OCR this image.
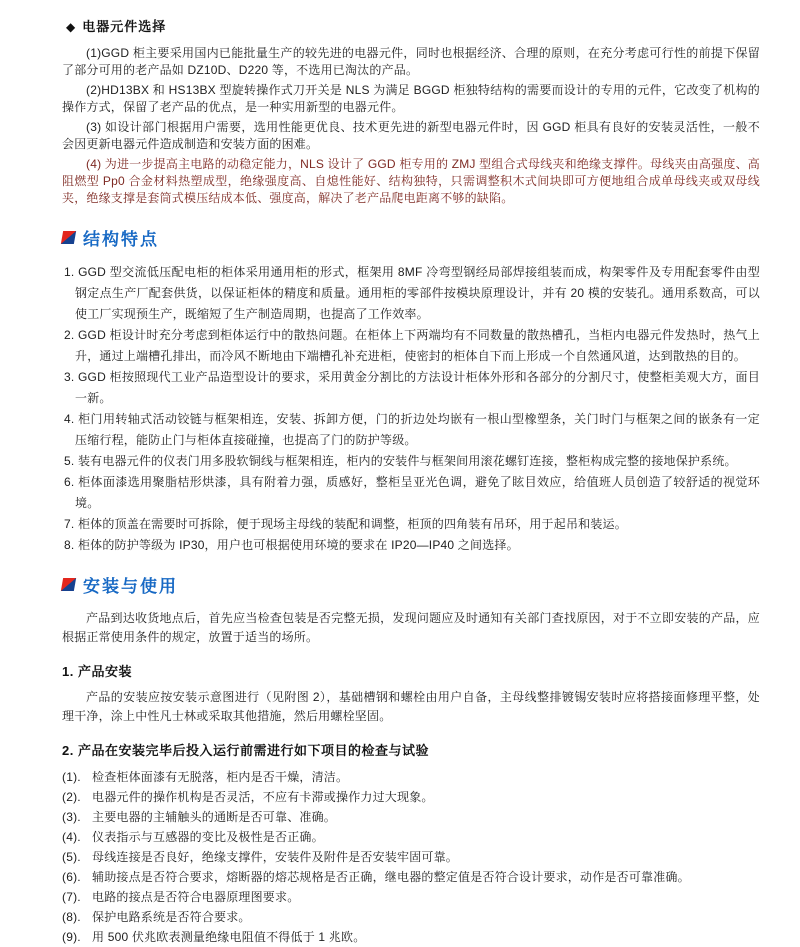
◆ 电器元件选择

(1)GGD 柜主要采用国内已能批量生产的较先进的电器元件，同时也根据经济、合理的原则，在充分考虑可行性的前提下保留了部分可用的老产品如 DZ10D、D220 等，不选用已淘汰的产品。

(2)HD13BX 和 HS13BX 型旋转操作式刀开关是 NLS 为满足 BGGD 柜独特结构的需要而设计的专用的元件，它改变了机构的操作方式，保留了老产品的优点，是一种实用新型的电器元件。

(3) 如设计部门根据用户需要，选用性能更优良、技术更先进的新型电器元件时，因 GGD 柜具有良好的安装灵活性，一般不会因更新电器元件造成制造和安装方面的困难。

(4) 为进一步提高主电路的动稳定能力，NLS 设计了 GGD 柜专用的 ZMJ 型组合式母线夹和绝缘支撑件。母线夹由高强度、高阻燃型 Pp0 合金材料热塑成型，绝缘强度高、自熄性能好、结构独特，只需调整积木式间块即可方便地组合成单母线夹或双母线夹，绝缘支撑是套筒式模压结成本低、强度高，解决了老产品爬电距离不够的缺陷。

结构特点
1. GGD 型交流低压配电柜的柜体采用通用柜的形式，框架用 8MF 冷弯型钢经局部焊接组装而成，构架零件及专用配套零件由型钢定点生产厂配套供货，以保证柜体的精度和质量。通用柜的零部件按模块原理设计，并有 20 模的安装孔。通用系数高，可以使工厂实现预生产，既缩短了生产制造周期，也提高了工作效率。
2. GGD 柜设计时充分考虑到柜体运行中的散热问题。在柜体上下两端均有不同数量的散热槽孔，当柜内电器元件发热时，热气上升，通过上端槽孔排出，而冷风不断地由下端槽孔补充进柜，使密封的柜体自下而上形成一个自然通风道，达到散热的目的。
3. GGD 柜按照现代工业产品造型设计的要求，采用黄金分割比的方法设计柜体外形和各部分的分割尺寸，使整柜美观大方，面目一新。
4. 柜门用转轴式活动铰链与框架相连，安装、拆卸方便，门的折边处均嵌有一根山型橡塑条，关门时门与框架之间的嵌条有一定压缩行程，能防止门与柜体直接碰撞，也提高了门的防护等级。
5. 装有电器元件的仪表门用多股软铜线与框架相连，柜内的安装件与框架间用滚花螺钉连接，整柜构成完整的接地保护系统。
6. 柜体面漆选用聚脂桔形烘漆，具有附着力强，质感好，整柜呈亚光色调，避免了眩目效应，给值班人员创造了较舒适的视觉环境。
7. 柜体的顶盖在需要时可拆除，便于现场主母线的装配和调整，柜顶的四角装有吊环，用于起吊和装运。
8. 柜体的防护等级为 IP30，用户也可根据使用环境的要求在 IP20—IP40 之间选择。
安装与使用

产品到达收货地点后，首先应当检查包装是否完整无损，发现问题应及时通知有关部门查找原因，对于不立即安装的产品，应根据正常使用条件的规定，放置于适当的场所。

1. 产品安装

产品的安装应按安装示意图进行（见附图 2），基础槽钢和螺栓由用户自备，主母线整排镀锡安装时应将搭接面修理平整，处理干净，涂上中性凡士林或采取其他措施，然后用螺栓坚固。

2. 产品在安装完毕后投入运行前需进行如下项目的检查与试验
(1). 检查柜体面漆有无脱落，柜内是否干燥，清洁。
(2). 电器元件的操作机构是否灵活，不应有卡滞或操作力过大现象。
(3). 主要电器的主辅触头的通断是否可靠、准确。
(4). 仪表指示与互感器的变比及极性是否正确。
(5). 母线连接是否良好，绝缘支撑件，安装件及附件是否安装牢固可靠。
(6). 辅助接点是否符合要求，熔断器的熔芯规格是否正确，继电器的整定值是否符合设计要求，动作是否可靠准确。
(7). 电路的接点是否符合电器原理图要求。
(8). 保护电路系统是否符合要求。
(9). 用 500 伏兆欧表测量绝缘电阻值不得低于 1 兆欧。
